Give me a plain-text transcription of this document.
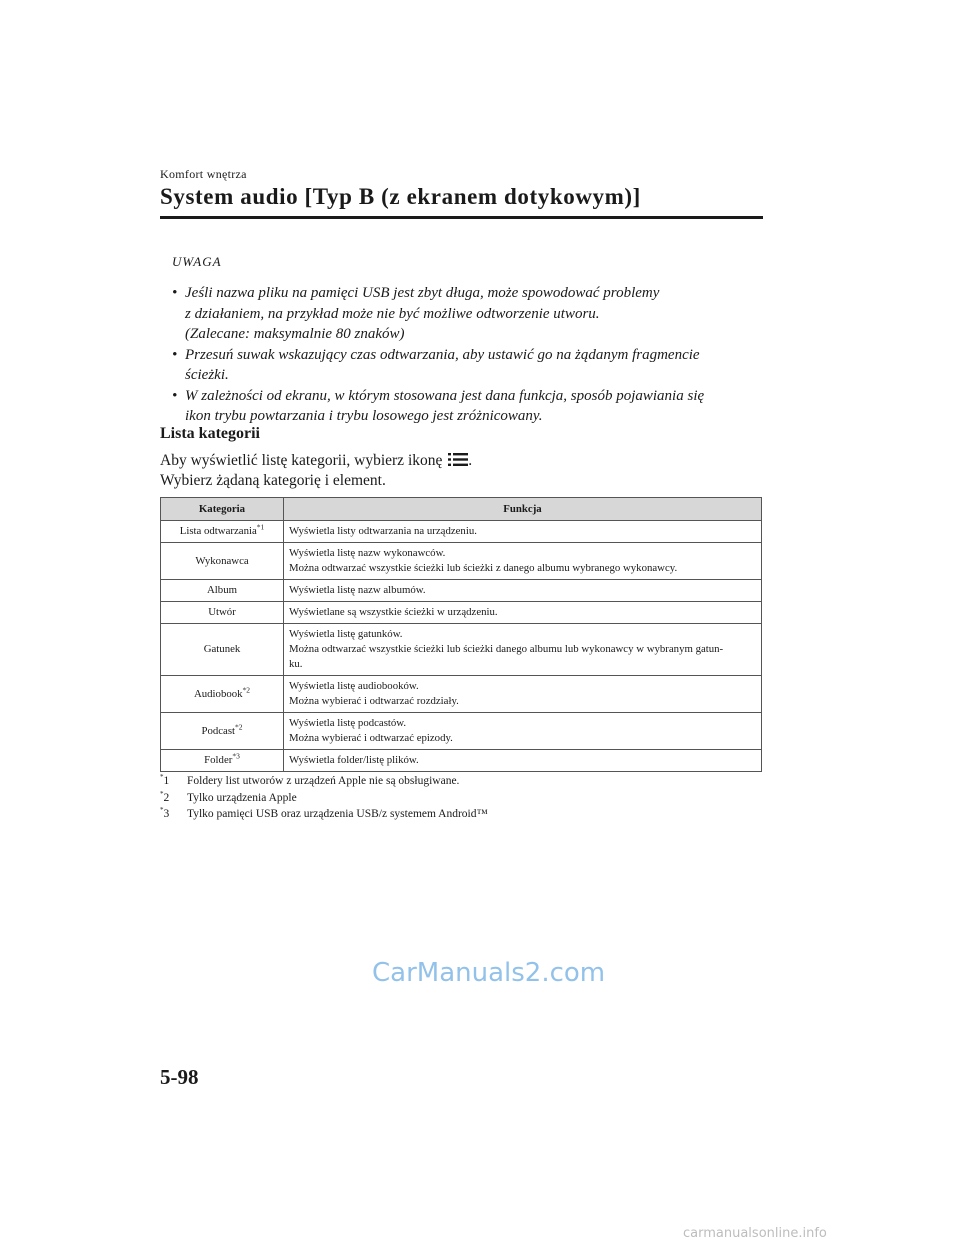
Komfort wnętrza
System audio [Typ B (z ekranem dotykowym)]
UWAGA
• Jeśli nazwa pliku na pamięci USB jest zbyt długa, może spowodować problemy
z działaniem, na przykład może nie być możliwe odtworzenie utworu.
(Zalecane: maksymalnie 80 znaków)
• Przesuń suwak wskazujący czas odtwarzania, aby ustawić go na żądanym fragmencie
ścieżki.
• W zależności od ekranu, w którym stosowana jest dana funkcja, sposób pojawiania się
ikon trybu powtarzania i trybu losowego jest zróżnicowany.
Lista kategorii
Aby wyświetlić listę kategorii, wybierz ikonę .
Wybierz żądaną kategorię i element.
Kategoria	Funkcja
Lista odtwarzania$^{*1}$	Wyświetla listy odtwarzania na urządzeniu.

Wykonawca	Wyświetla listę nazw wykonawców.
Można odtwarzać wszystkie ścieżki lub ścieżki z danego albumu wybranego wykonawcy.

Album	Wyświetla listę nazw albumów.

Utwór	Wyświetlane są wszystkie ścieżki w urządzeniu.

Gatunek	Wyświetla listę gatunków.
Można odtwarzać wszystkie ścieżki lub ścieżki danego albumu lub wykonawcy w wybranym gatun-
ku.

Audiobook$^{*2}$	Wyświetla listę audiobooków.
Można wybierać i odtwarzać rozdziały.

Podcast$^{*2}$	Wyświetla listę podcastów.
Można wybierać i odtwarzać epizody.

Folder$^{*3}$	Wyświetla folder/listę plików.
*1 Foldery list utworów z urządzeń Apple nie są obsługiwane.
*2 Tylko urządzenia Apple
*3 Tylko pamięci USB oraz urządzenia USB/z systemem Android™
CarManuals2.com
5-98
carmanualsonline.info
